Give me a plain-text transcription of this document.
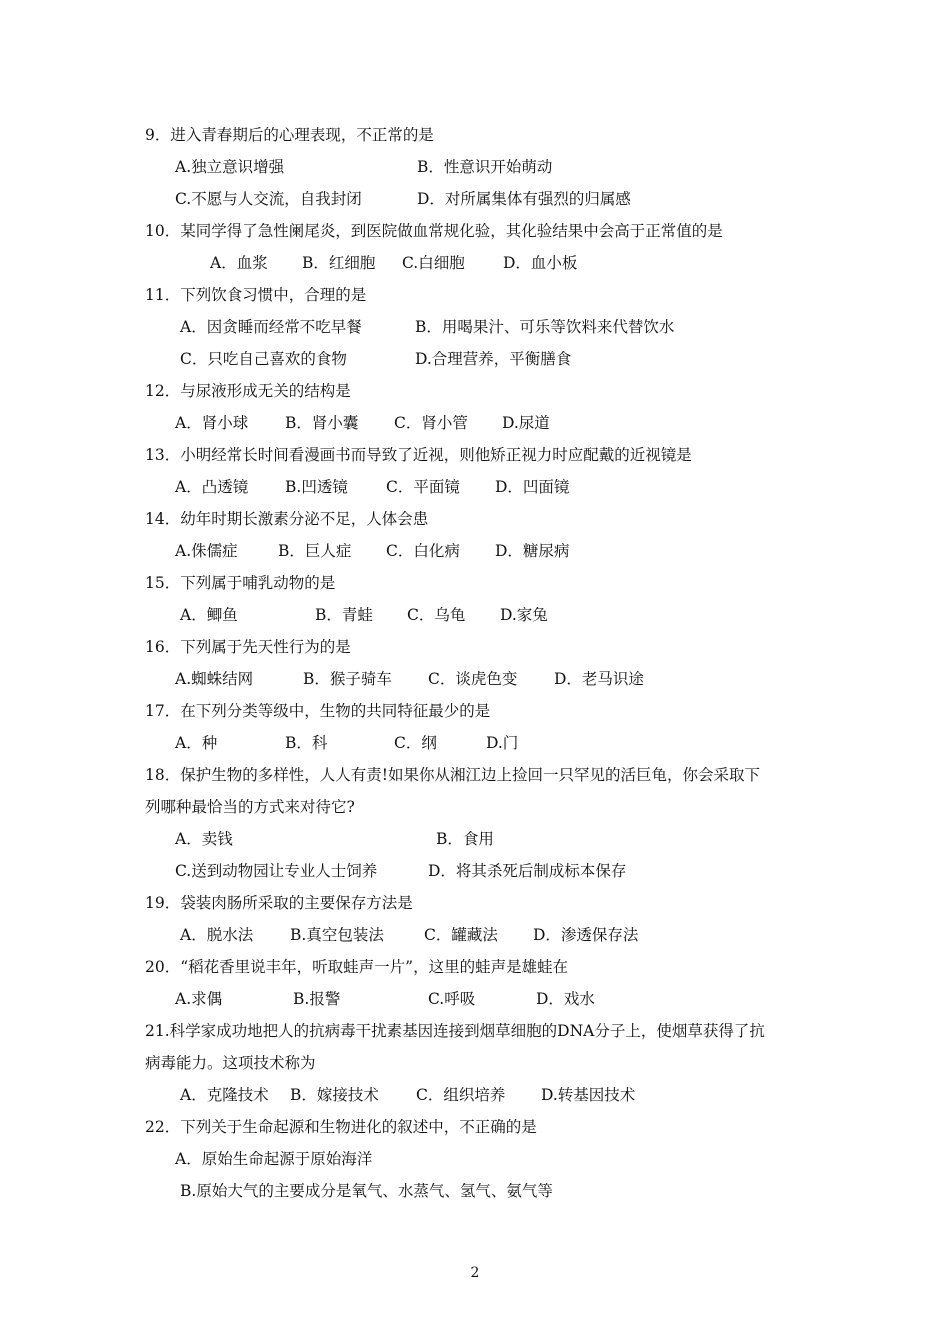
9．进入青春期后的心理表现，不正常的是
A.独立意识增强	B．性意识开始萌动
C.不愿与人交流，自我封闭	D．对所属集体有强烈的归属感
10．某同学得了急性阑尾炎，到医院做血常规化验，其化验结果中会高于正常值的是
A．血浆 B．红细胞 C.白细胞 D．血小板
11．下列饮食习惯中，合理的是
A．因贪睡而经常不吃早餐	B．用喝果汁、可乐等饮料来代替饮水
C．只吃自己喜欢的食物	D.合理营养，平衡膳食
12．与尿液形成无关的结构是
A．肾小球 B．肾小囊 C．肾小管 D.尿道
13．小明经常长时间看漫画书而导致了近视，则他矫正视力时应配戴的近视镜是
A．凸透镜 B.凹透镜 C．平面镜 D．凹面镜
14．幼年时期长激素分泌不足，人体会患
A.侏儒症	B．巨人症 C．白化病 D．糖尿病
15．下列属于哺乳动物的是
A．鲫鱼	B．青蛙 C．乌龟 D.家兔
16．下列属于先天性行为的是
A.蜘蛛结网	B．猴子骑车 C．谈虎色变 D．老马识途
17．在下列分类等级中，生物的共同特征最少的是
A．种	B．科	C．纲	D.门
18．保护生物的多样性，人人有责!如果你从湘江边上捡回一只罕见的活巨龟，你会采取下
列哪种最恰当的方式来对待它?
A．卖钱	B．食用
C.送到动物园让专业人士饲养	D．将其杀死后制成标本保存
19．袋装肉肠所采取的主要保存方法是
A．脱水法 B.真空包装法	C．罐藏法 D．渗透保存法
20．“稻花香里说丰年，听取蛙声一片”，这里的蛙声是雄蛙在
A.求偶	B.报警	C.呼吸	D．戏水
21.科学家成功地把人的抗病毒干扰素基因连接到烟草细胞的DNA分子上，使烟草获得了抗
病毒能力。这项技术称为
A．克隆技术 B．嫁接技术 C．组织培养 D.转基因技术
22．下列关于生命起源和生物进化的叙述中，不正确的是
A．原始生命起源于原始海洋
B.原始大气的主要成分是氧气、水蒸气、氢气、氨气等
2
